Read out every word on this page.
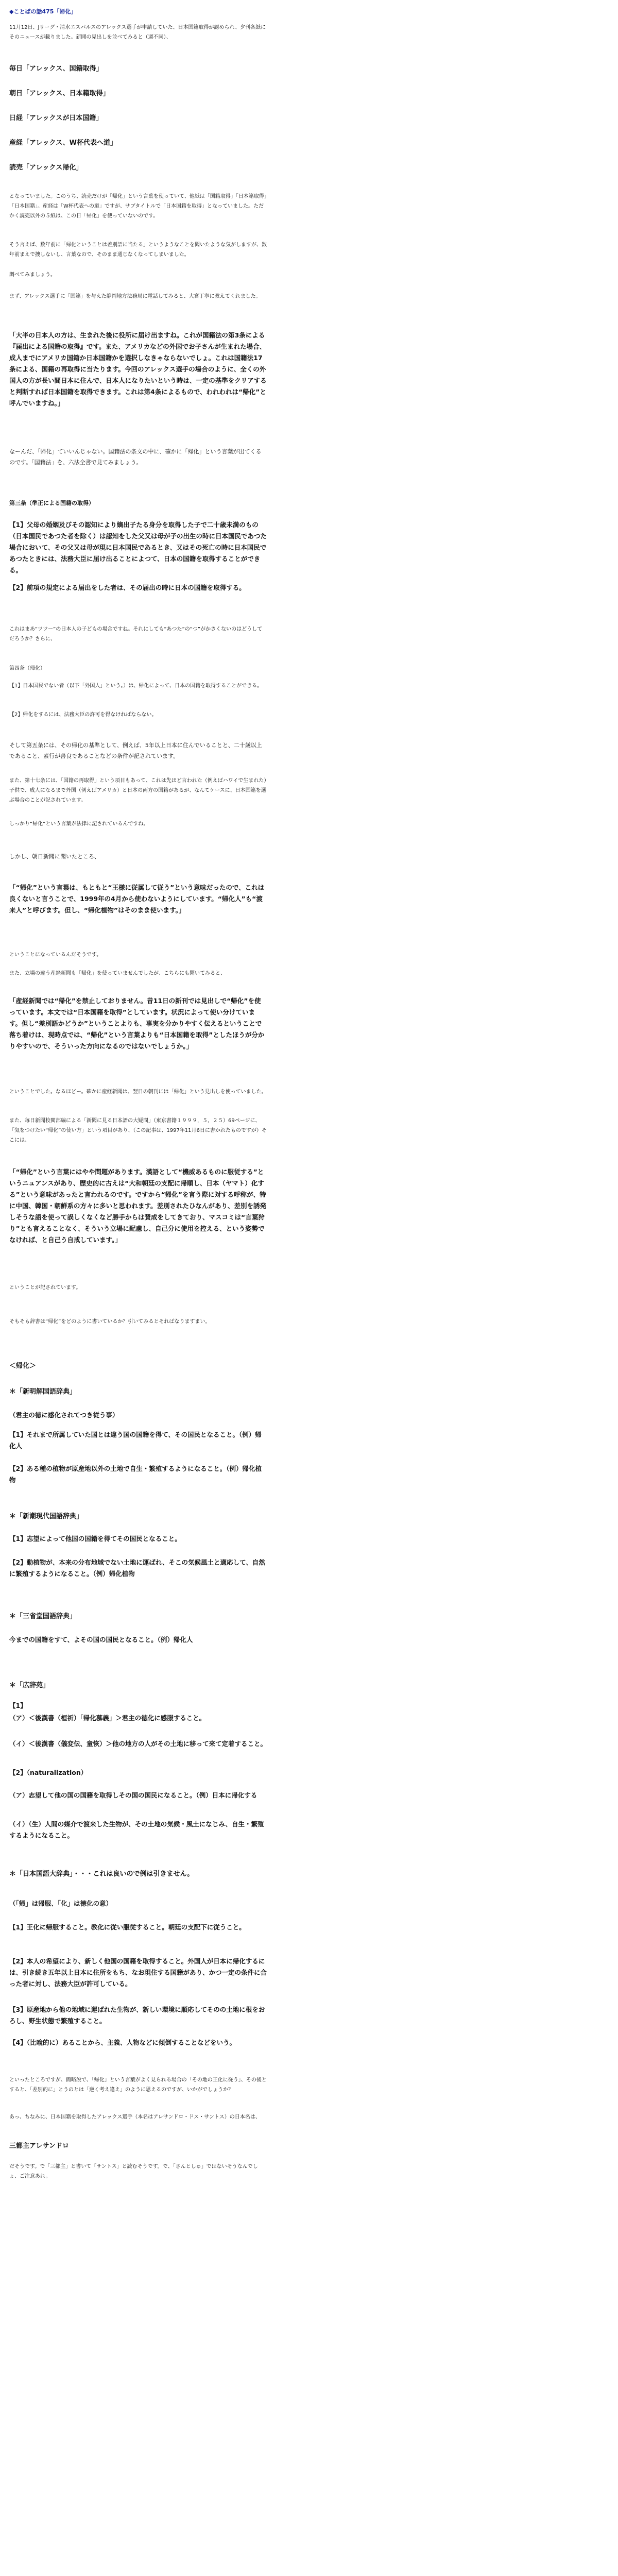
◆ことばの話475「帰化」

11月12日、Jリーグ・清水エスパルスのアレックス選手が申請していた、日本国籍取得が認められ、夕刊各紙にそのニュースが載りました。新聞の見出しを並べてみると（週不同）、

毎日「アレックス、国籍取得」

朝日「アレックス、日本籍取得」

日経「アレックスが日本国籍」

産経「アレックス、W杯代表へ道」

読売「アレックス帰化」

となっていました。このうち、読売だけが「帰化」という言葉を使っていて、他紙は「国籍取得」「日本籍取得」「日本国籍」。産経は「W杯代表への道」ですが、サブタイトルで「日本国籍を取得」となっていました。ただかく読売以外の５紙は、この日「帰化」を使っていないのです。

そう言えば、数年前に「帰化ということは差別語に当たる」というようなことを聞いたような気がしますが、数年前まえで捜しないし、言葉なので、そのまま通じなくなってしまいました。

調べてみましょう。

まず、アレックス選手に「国籍」を与えた静岡地方法務局に電話してみると、大宮丁寧に教えてくれました。

「大半の日本人の方は、生まれた後に役所に届け出ますね。これが国籍法の第3条による『届出による国籍の取得』です。また、アメリカなどの外国でお子さんが生まれた場合、成人までにアメリカ国籍か日本国籍かを選択しなきゃならないでしょ。これは国籍法17条による、国籍の再取得に当たります。今回のアレックス選手の場合のように、全くの外国人の方が長い間日本に住んで、日本人になりたいという時は、一定の基準をクリアすると判断すれば日本国籍を取得できます。これは第4条によるもので、われわれは“帰化”と呼んでいますね。」

なーんだ、「帰化」ていいんじゃない。国籍法の条文の中に、確かに「帰化」という言葉が出てくるのです。「国籍法」を、六法全書で見てみましょう。

第三条（準正による国籍の取得）

【1】父母の婚姻及びその認知により嫡出子たる身分を取得した子で二十歳未満のもの（日本国民であつた者を除く）は認知をした父又は母が子の出生の時に日本国民であつた場合において、その父又は母が現に日本国民であるとき、又はその死亡の時に日本国民であつたときには、法務大臣に届け出ることによつて、日本の国籍を取得することができる。

【2】前項の規定による届出をした者は、その届出の時に日本の国籍を取得する。

これはまあ“ツツー”の日本人の子どもの場合ですね。それにしても“あつた”の“つ”がかさくないのはどうしてだろうか？さらに、

第四条（帰化）

【1】日本国民でない者（以下「外国人」という。）は、帰化によって、日本の国籍を取得することができる。

【2】帰化をするには、法務大臣の許可を得なければならない。

そして第五条には、その帰化の基準として、例えば、5年以上日本に住んでいることと、二十歳以上であること、素行が善良であることなどの条件が記されています。

また、第十七条には、「国籍の再取得」という項目もあって、これは先ほど言われた（例えばハワイで生まれた）子供で、成人になるまで外国（例えばアメリカ）と日本の両方の国籍があるが、なんてケースに、日本国籍を選ぶ場合のことが記されています。

しっかり“帰化”という言葉が法律に記されているんですね。

しかし、朝日新聞に聞いたところ、

「“帰化”という言葉は、もともと“王様に従属して従う”という意味だったので、これは良くないと言うことで、1999年の4月から使わないようにしています。“帰化人”も“渡来人”と呼びます。但し、“帰化植物”はそのまま使います。」

ということになっているんだそうです。

また、立場の違う産経新聞も「帰化」を使っていませんでしたが、こちらにも聞いてみると、

「産経新聞では“帰化”を禁止しておりません。昔11日の新刊では見出しで“帰化”を使っています。本文では“日本国籍を取得”としています。状況によって使い分けています。但し“差別語かどうか”ということよりも、事実を分かりやすく伝えるということで落ち着けは、現時点では、“帰化”という言葉よりも“日本国籍を取得”としたほうが分かりやすいので、そういった方向になるのではないでしょうか。」

ということでした。なるほどー。確かに産経新聞は、翌日の朝刊には「帰化」という見出しを使っていました。

また、毎日新聞校閲部編による「新聞に見る日本語の大疑問」（東京書籍１９９９，５，２５）69ページに、「気をつけたい“帰化”の使い方」という項目があり、（この記事は、1997年11月6日に書かれたものですが）そこには、

「“帰化”という言葉にはやや問題があります。漢語として“機威あるものに服従する”というニュアンスがあり、歴史的に古えは“大和朝廷の支配に帰順し、日本（ヤマト）化する”という意味があったと言われるのです。ですから“帰化”を言う際に対する呼称が、特に中国、韓国・朝鮮系の方々に多いと思われます。差別されたひなんがあり、差別を誘発しそうな語を使って誤しくなくなど勝手からは賛成をしてきており、マスコミは“言葉狩り”とも言えることなく、そういう立場に配慮し、自己分に使用を控える、という姿勢でなければ、と自己う自戒しています。」

ということが記されています。

そもそも辞書は“帰化”をどのように書いているか？引いてみるとそればなりますまい。

＜帰化＞

＊「新明解国語辞典」

（君主の徳に感化されてつき従う事）

【1】それまで所属していた国とは違う国の国籍を得て、その国民となること。（例）帰化人

【2】ある種の植物が原産地以外の土地で自生・繁殖するようになること。（例）帰化植物

＊「新潮現代国語辞典」

【1】志望によって他国の国籍を得てその国民となること。

【2】動植物が、本来の分布地域でない土地に運ばれ、そこの気候風土と適応して、自然に繁殖するようになること。（例）帰化植物

＊「三省堂国語辞典」

今までの国籍をすて、よその国の国民となること。（例）帰化人

＊「広辞苑」

【1】

（ア）＜後漢書（桓祈）「帰化慕義」＞君主の徳化に感服すること。

（イ）＜後漢書（儀変伝、童恢）＞他の地方の人がその土地に移って来て定着すること。

【2】（naturalization）

（ア）志望して他の国の国籍を取得しその国の国民になること。（例）日本に帰化する

（イ）（生）人間の媒介で渡来した生物が、その土地の気候・風土になじみ、自生・繁殖するようになること。

＊「日本国語大辞典」・・・これは良いので例は引きません。

（「帰」は帰服、「化」は徳化の意）

【1】王化に帰服すること。教化に従い服従すること。朝廷の支配下に従うこと。

【2】本人の希望により、新しく他国の国籍を取得すること。外国人が日本に帰化するには、引き続き五年以上日本に住所をもち、なお現住する国籍があり、かつ一定の条件に合った者に対し、法務大臣が許可している。

【3】原産地から他の地域に運ばれた生物が、新しい環境に順応してそのの土地に根をおろし、野生状態で繁殖すること。

【4】（比喩的に）あることから、主義、人物などに傾倒することなどをいう。

といったところですが、簡略説で、「帰化」という言葉がよく見られる場合の「その地の王化に従う」、その後とすると、「差別的に」とうのとは「逆く考え違え」のように思えるのですが、いかがでしょうか？

あっ、ちなみに、日本国籍を取得したアレックス選手（本名はアレサンドロ・ドス・サントス）の日本名は、

三都主アレサンドロ

だそうです。で「三都主」と書いて「サントス」と読むそうです。で、「さんとしゅ」ではないそうなんでしょ、ご注意あれ。
